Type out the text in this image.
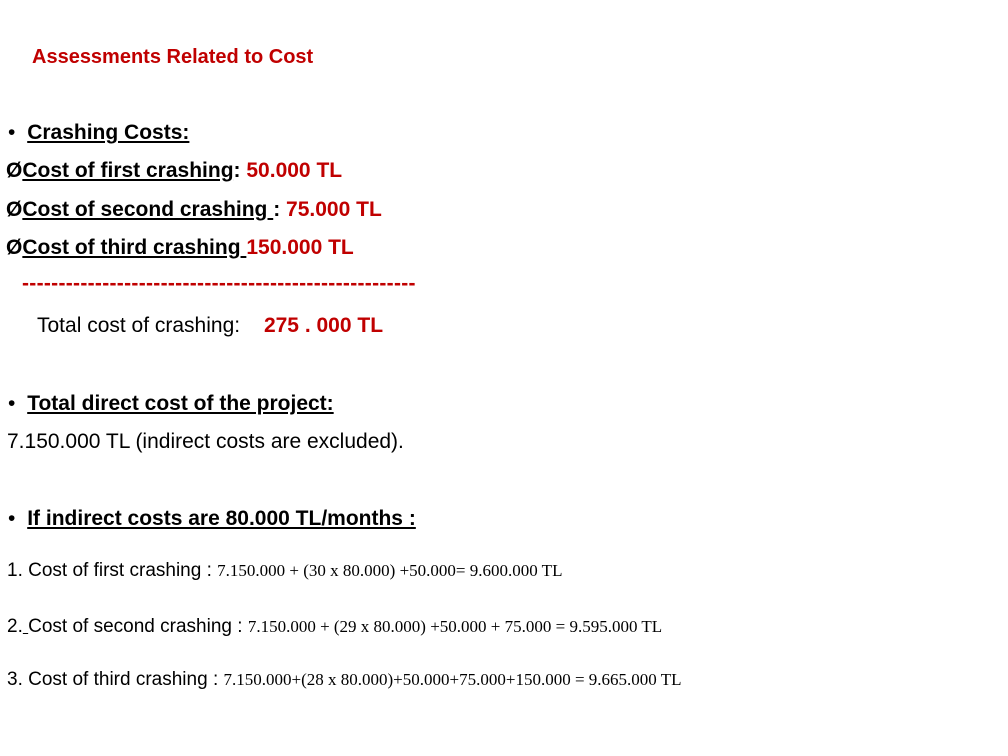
Assessments Related to Cost
• Crashing Costs:
ØCost of first crashing: 50.000 TL
ØCost of second crashing : 75.000 TL
ØCost of third crashing 150.000 TL
------------------------------------------------------
Total cost of crashing: 275 . 000 TL
• Total direct cost of the project:
7.150.000 TL (indirect costs are excluded).
• If indirect costs are 80.000 TL/months :
1. Cost of first crashing : 7.150.000 + (30 x 80.000) +50.000= 9.600.000 TL
2. Cost of second crashing : 7.150.000 + (29 x 80.000) +50.000 + 75.000 = 9.595.000 TL
3. Cost of third crashing : 7.150.000+(28 x 80.000)+50.000+75.000+150.000 = 9.665.000 TL
